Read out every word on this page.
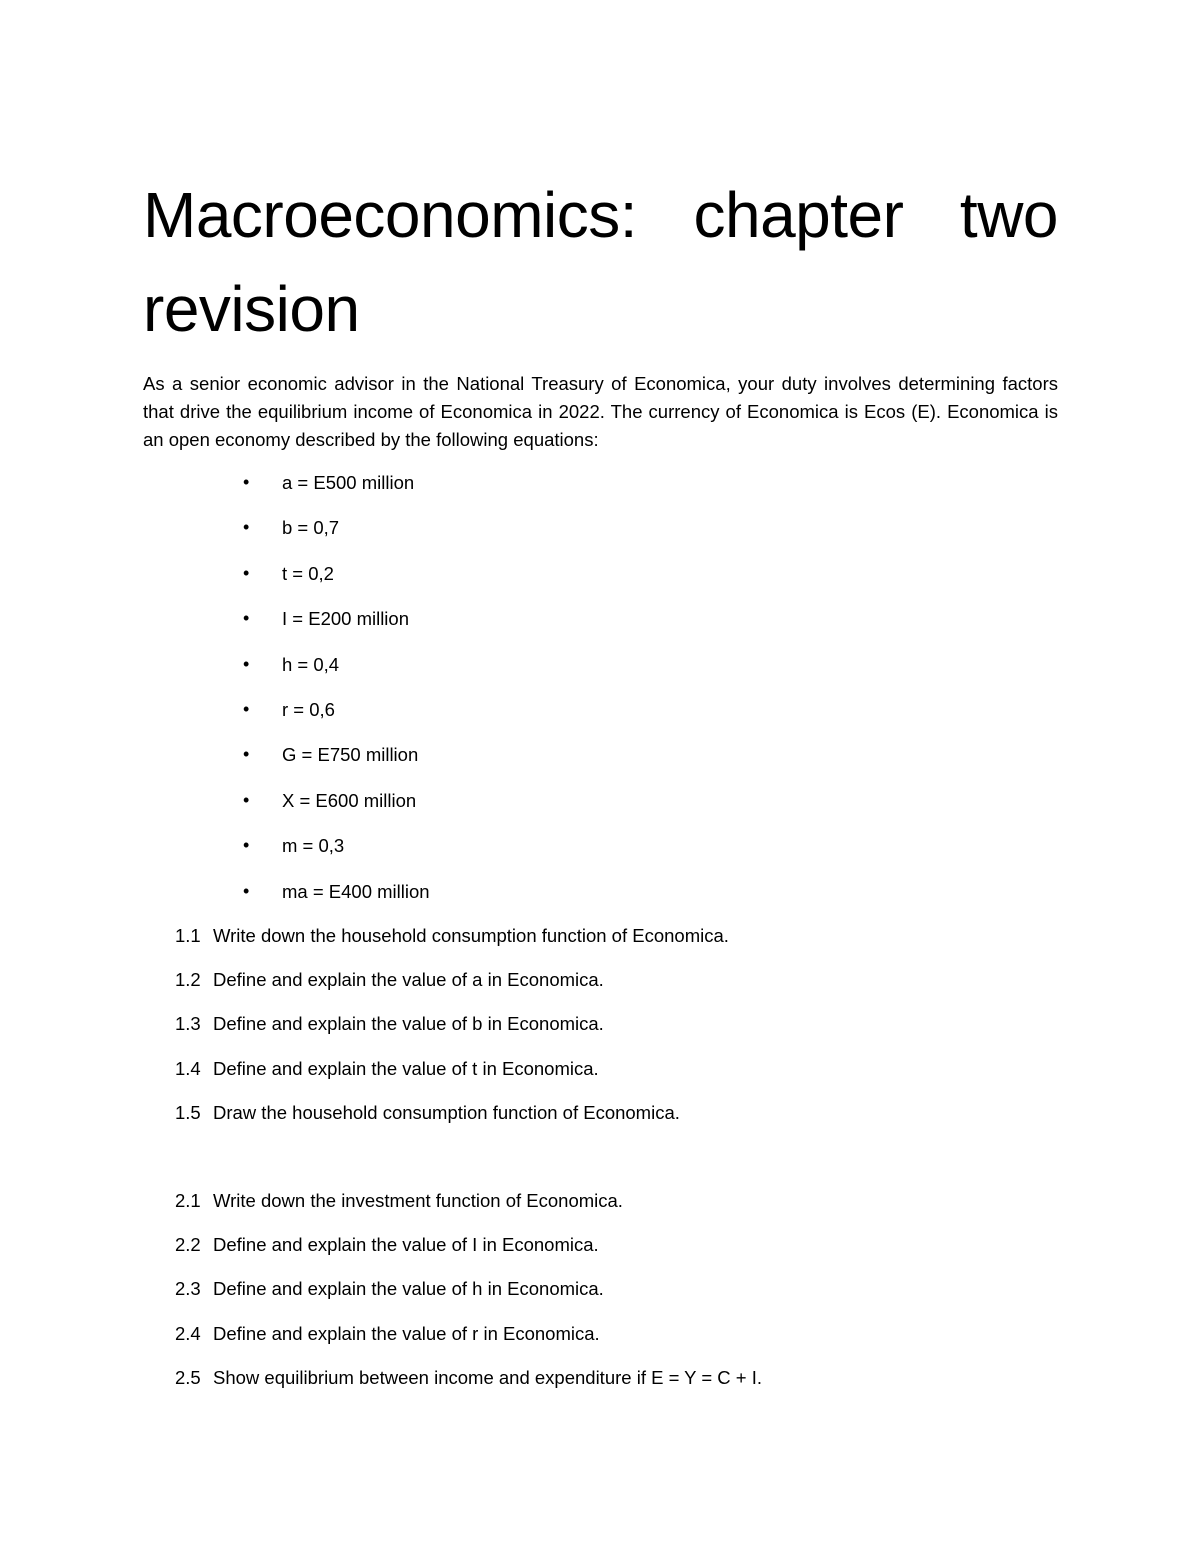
Macroeconomics: chapter two revision

As a senior economic advisor in the National Treasury of Economica, your duty involves determining factors that drive the equilibrium income of Economica in 2022. The currency of Economica is Ecos (E). Economica is an open economy described by the following equations:

• a = E500 million
• b = 0,7
• t = 0,2
• I = E200 million
• h = 0,4
• r = 0,6
• G = E750 million
• X = E600 million
• m = 0,3
• ma = E400 million
1.1 Write down the household consumption function of Economica.
1.2 Define and explain the value of a in Economica.
1.3 Define and explain the value of b in Economica.
1.4 Define and explain the value of t in Economica.
1.5 Draw the household consumption function of Economica.
2.1 Write down the investment function of Economica.
2.2 Define and explain the value of I in Economica.
2.3 Define and explain the value of h in Economica.
2.4 Define and explain the value of r in Economica.
2.5 Show equilibrium between income and expenditure if E = Y = C + I.
